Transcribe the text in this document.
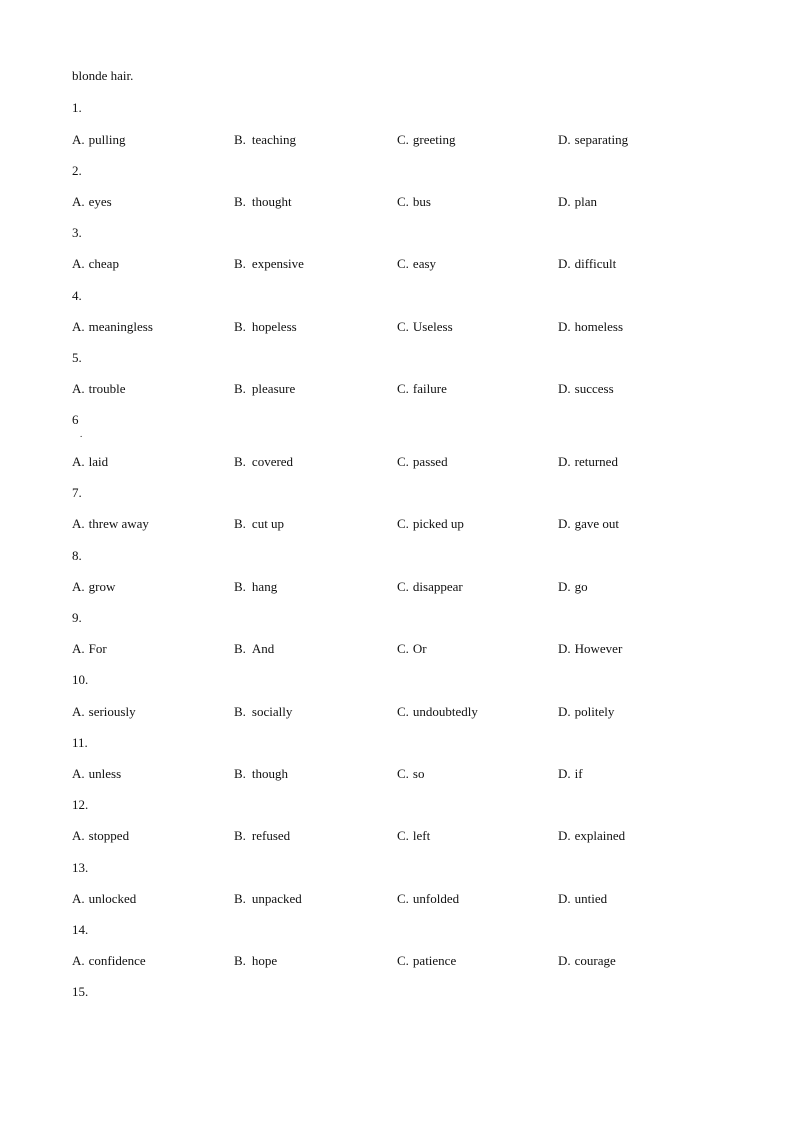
blonde hair.
1.
A. pulling	B. teaching	C. greeting	D. separating
2.
A. eyes	B. thought	C. bus	D. plan
3.
A. cheap	B. expensive	C. easy	D. difficult
4.
A. meaningless	B. hopeless	C. Useless	D. homeless
5.
A. trouble	B. pleasure	C. failure	D. success
6
.
A. laid	B. covered	C. passed	D. returned
7.
A. threw away	B. cut up	C. picked up	D. gave out
8.
A. grow	B. hang	C. disappear	D. go
9.
A. For	B. And	C. Or	D. However
10.
A. seriously	B. socially	C. undoubtedly	D. politely
11.
A. unless	B. though	C. so	D. if
12.
A. stopped	B. refused	C. left	D. explained
13.
A. unlocked	B. unpacked	C. unfolded	D. untied
14.
A. confidence	B. hope	C. patience	D. courage
15.
